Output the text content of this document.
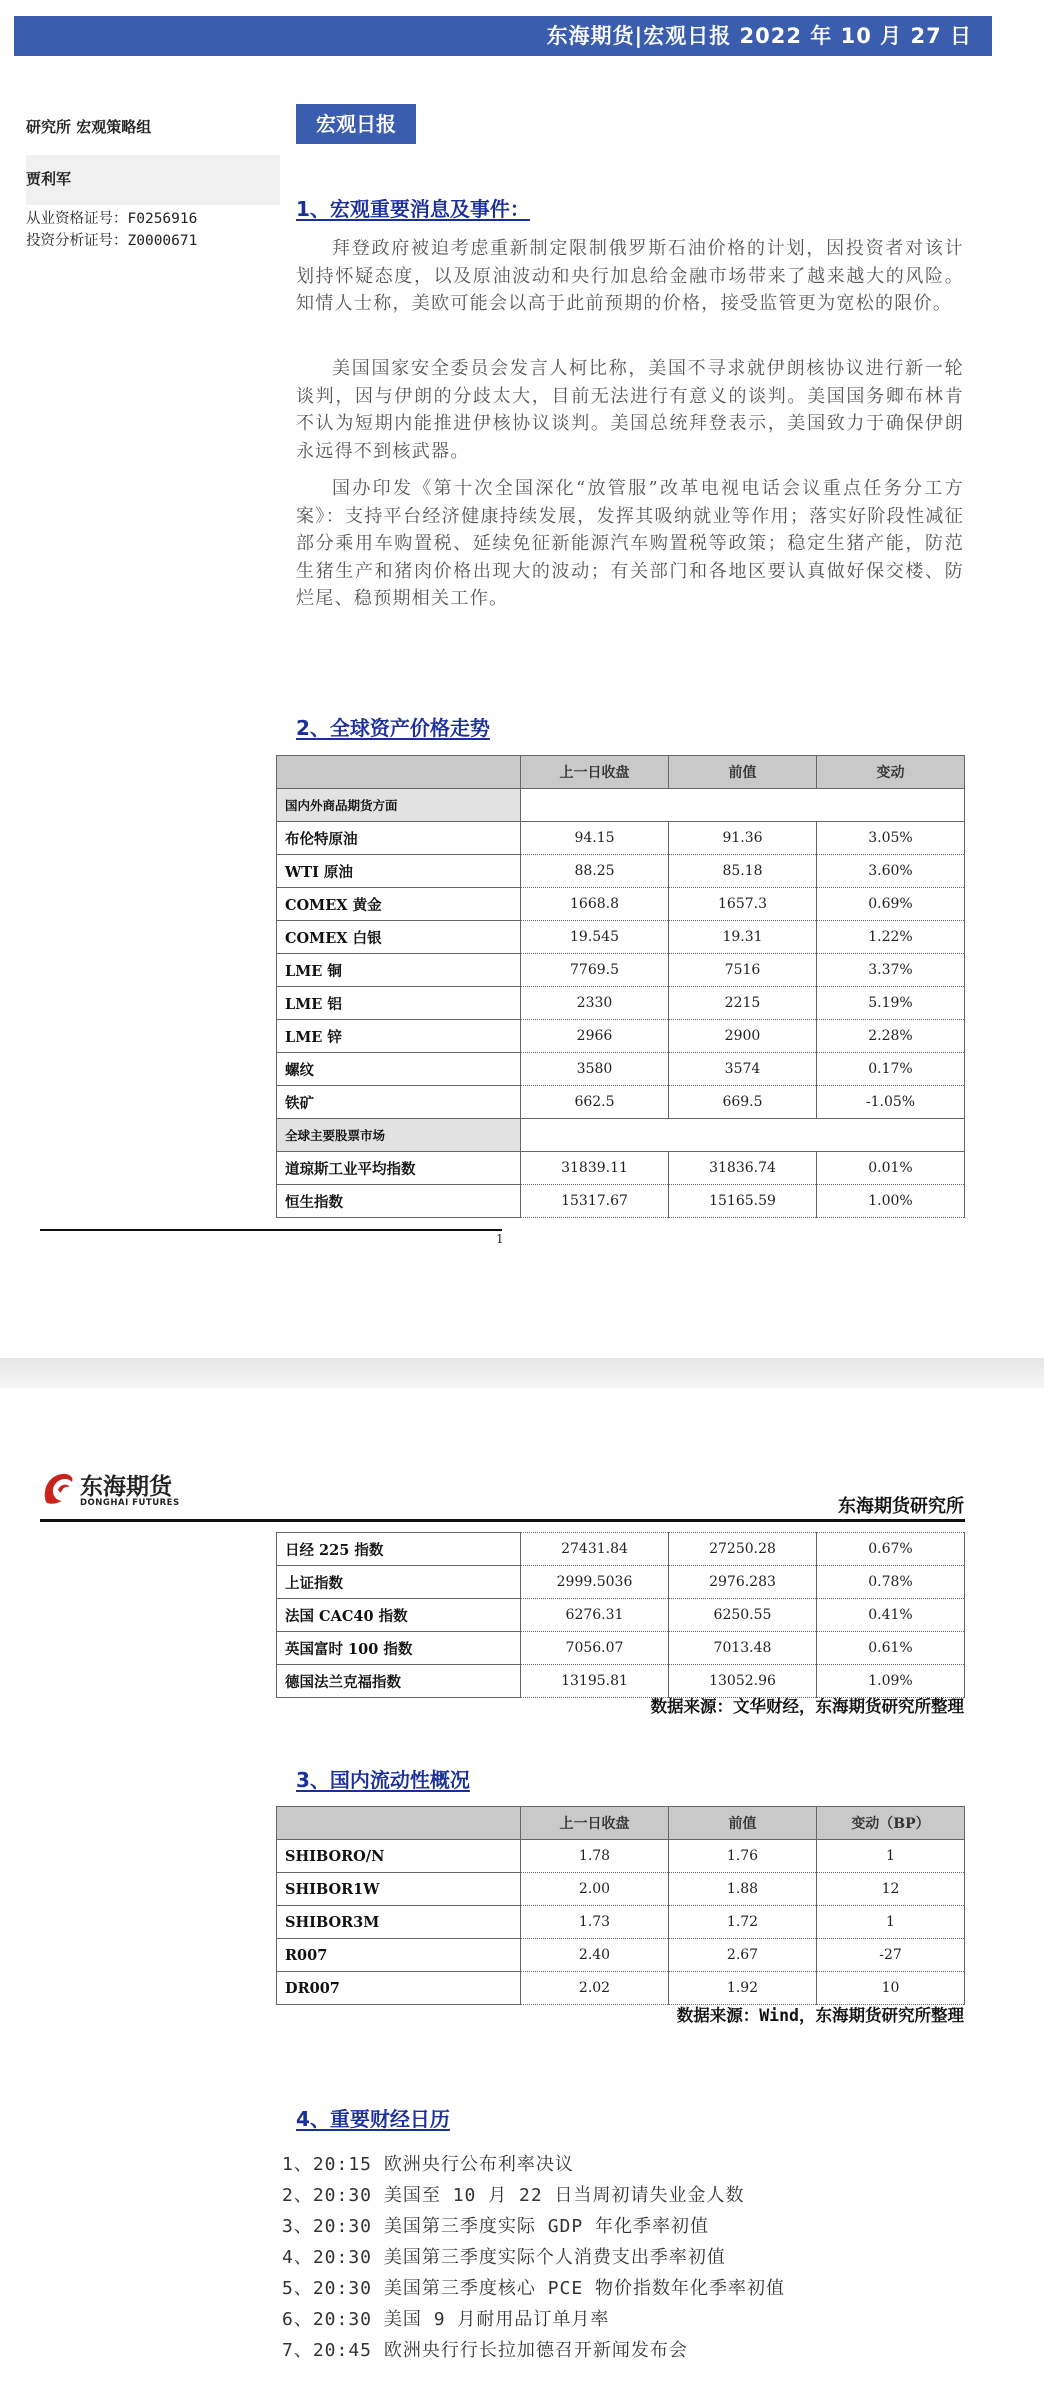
东海期货|宏观日报 2022 年 10 月 27 日
研究所 宏观策略组
贾利军
从业资格证号：F0256916
投资分析证号：Z0000671
宏观日报
1、宏观重要消息及事件：

拜登政府被迫考虑重新制定限制俄罗斯石油价格的计划，因投资者对该计划持怀疑态度，以及原油波动和央行加息给金融市场带来了越来越大的风险。知情人士称，美欧可能会以高于此前预期的价格，接受监管更为宽松的限价。

美国国家安全委员会发言人柯比称，美国不寻求就伊朗核协议进行新一轮谈判，因与伊朗的分歧太大，目前无法进行有意义的谈判。美国国务卿布林肯不认为短期内能推进伊核协议谈判。美国总统拜登表示，美国致力于确保伊朗永远得不到核武器。

国办印发《第十次全国深化“放管服”改革电视电话会议重点任务分工方案》：支持平台经济健康持续发展，发挥其吸纳就业等作用；落实好阶段性减征部分乘用车购置税、延续免征新能源汽车购置税等政策；稳定生猪产能，防范生猪生产和猪肉价格出现大的波动；有关部门和各地区要认真做好保交楼、防烂尾、稳预期相关工作。

2、全球资产价格走势
	上一日收盘	前值	变动
国内外商品期货方面			
布伦特原油	94.15	91.36	3.05%
WTI 原油	88.25	85.18	3.60%
COMEX 黄金	1668.8	1657.3	0.69%
COMEX 白银	19.545	19.31	1.22%
LME 铜	7769.5	7516	3.37%
LME 铝	2330	2215	5.19%
LME 锌	2966	2900	2.28%
螺纹	3580	3574	0.17%
铁矿	662.5	669.5	-1.05%
全球主要股票市场			
道琼斯工业平均指数	31839.11	31836.74	0.01%
恒生指数	15317.67	15165.59	1.00%
1
东海期货
DONGHAI FUTURES	东海期货研究所
日经 225 指数	27431.84	27250.28	0.67%
上证指数	2999.5036	2976.283	0.78%
法国 CAC40 指数	6276.31	6250.55	0.41%
英国富时 100 指数	7056.07	7013.48	0.61%
德国法兰克福指数	13195.81	13052.96	1.09%
数据来源：文华财经，东海期货研究所整理
3、国内流动性概况
	上一日收盘	前值	变动（BP）
SHIBORO/N	1.78	1.76	1
SHIBOR1W	2.00	1.88	12
SHIBOR3M	1.73	1.72	1
R007	2.40	2.67	-27
DR007	2.02	1.92	10
数据来源：Wind，东海期货研究所整理
4、重要财经日历
1、20:15 欧洲央行公布利率决议
2、20:30 美国至 10 月 22 日当周初请失业金人数
3、20:30 美国第三季度实际 GDP 年化季率初值
4、20:30 美国第三季度实际个人消费支出季率初值
5、20:30 美国第三季度核心 PCE 物价指数年化季率初值
6、20:30 美国 9 月耐用品订单月率
7、20:45 欧洲央行行长拉加德召开新闻发布会
